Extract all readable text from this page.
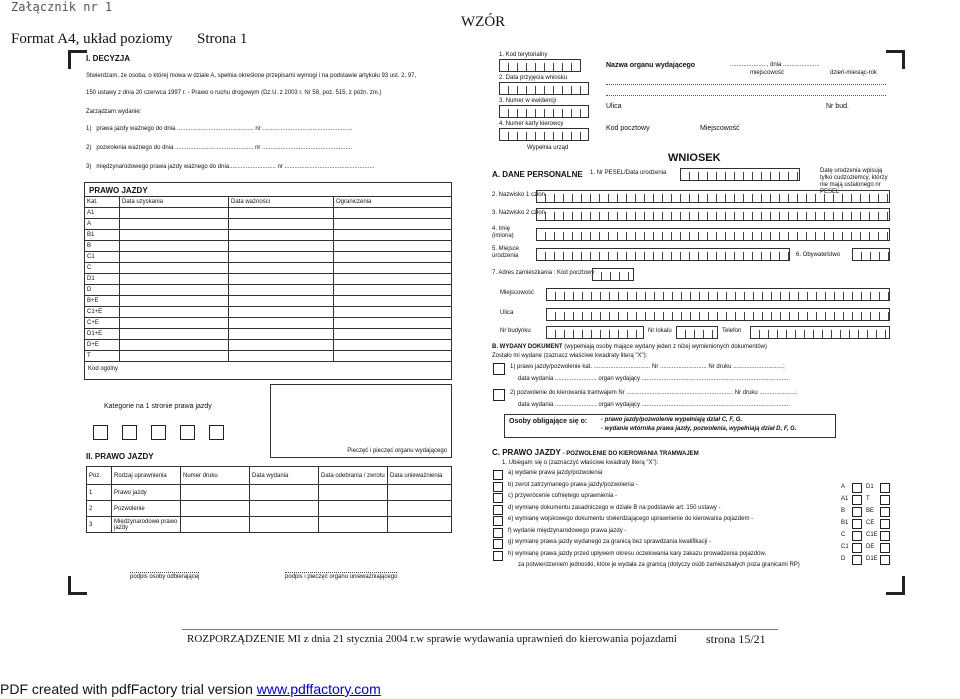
Załącznik nr 1
Format A4, układ poziomy Strona 1
WZÓR
I. DECYZJA
Stwierdzam, że osoba, o której mowa w dziale A, spełnia określone przepisami wymogi i na podstawie artykułu 93 ust. 2, 97,
150 ustawy z dnia 20 czerwca 1997 r. - Prawo o ruchu drogowym (Dz.U. z 2003 r. Nr 58, poz. 515, z późn. zm.)
Zarządzam wydanie:
1) prawa jazdy ważnego do dnia .............................................. nr ......................................................
2) pozwolenia ważnego do dnia ............................................... nr ......................................................
3) międzynarodowego prawa jazdy ważnego do dnia............................ nr ......................................................
PRAWO JAZDY
Kat.	Data uzyskania	Data ważności	Ograniczenia
A1			
A			
B1			
B			
C1			
C			
D1			
D			
B+E			
C1+E			
C+E			
D1+E			
D+E			
T			
Kod ogólny
Kategorie na 1 stronie prawa jazdy
Pieczęć i pieczęć organu wydającego
II. PRAWO JAZDY
Poz.	Rodzaj uprawnienia	Numer druku	Data wydania	Data odebrania / zwrotu	Data unieważnienia
1	Prawo jazdy				
2	Pozwolenie				
3	Międzynarodowe prawo jazdy				
podpis osoby odbierającej	podpis i pieczęć organu unieważniającego
1. Kod terytorialny
2. Data przyjęcia wniosku
3. Numer w ewidencji
4. Numer karty kierowcy
Wypełnia urząd
Nazwa organu wydającego	..................... , dnia ......................
miejscowość	dzień-miesiąc-rok
Ulica	Nr bud.
Kod pocztowy	Miejscowość
WNIOSEK
A. DANE PERSONALNE 1. Nr PESEL/Data urodzenia	Datę urodzenia wpisują tylko cudzoziemcy, którzy nie mają ustalonego nr PESEL
2. Nazwisko 1 człon
3. Nazwisko 2 człon
4. Imię (imiona)
5. Miejsce urodzenia	6. Obywatelstwo
7. Adres zamieszkania : Kod pocztowy
Miejscowość
Ulica
Nr budynku	Nr lokalu	Telefon
B. WYDANY DOKUMENT (wypełniają osoby mające wydany jeden z niżej wymienionych dokumentów)
Zostało mi wydane (zaznacz właściwe kwadraty literą "X"):
1) prawo jazdy/pozwolenie kat. .................................. Nr ............................ Nr druku ..............................;
data wydania ......................... organ wydający .........................................................................................
2) pozwolenie do kierowania tramwajem Nr ................................................................ Nr druku ......................;
data wydania ......................... organ wydający .........................................................................................
Osoby obligające się o: - prawo jazdy/pozwolenie wypełniają dział C, F, G.
- wydanie wtórnika prawa jazdy, pozwolenia, wypełniają dział D, F, G.
C. PRAWO JAZDY - POZWOLENIE DO KIEROWANIA TRAMWAJEM
1. Ubiegam się o (zaznaczyć właściwe kwadraty literą "X"):
a) wydanie prawa jazdy/pozwolenia
b) zwrot zatrzymanego prawa jazdy/pozwolenia -
c) przywrócenie cofniętego uprawnienia -
d) wymianę dokumentu zasadniczego w dziale B na podstawie art. 150 ustawy -
e) wymianę wojskowego dokumentu stwierdzającego uprawnienie do kierowania pojazdem -
f) wydanie międzynarodowego prawa jazdy -
g) wymianę prawa jazdy wydanego za granicą bez sprawdzania kwalifikacji -
h) wymianę prawa jazdy przed upływem okresu oczekiwania kary zakazu prowadzenia pojazdów,
za potwierdzeniem jednostki, które je wydała za granicą (dotyczy osób zamieszkałych poza granicami RP)
A	D1
A1	T
B	BE
B1	CE
C	C1E
C1	DE
D	D1E
ROZPORZĄDZENIE MI z dnia 21 stycznia 2004 r.w sprawie wydawania uprawnień do kierowania pojazdami strona 15/21
PDF created with pdfFactory trial version www.pdffactory.com
